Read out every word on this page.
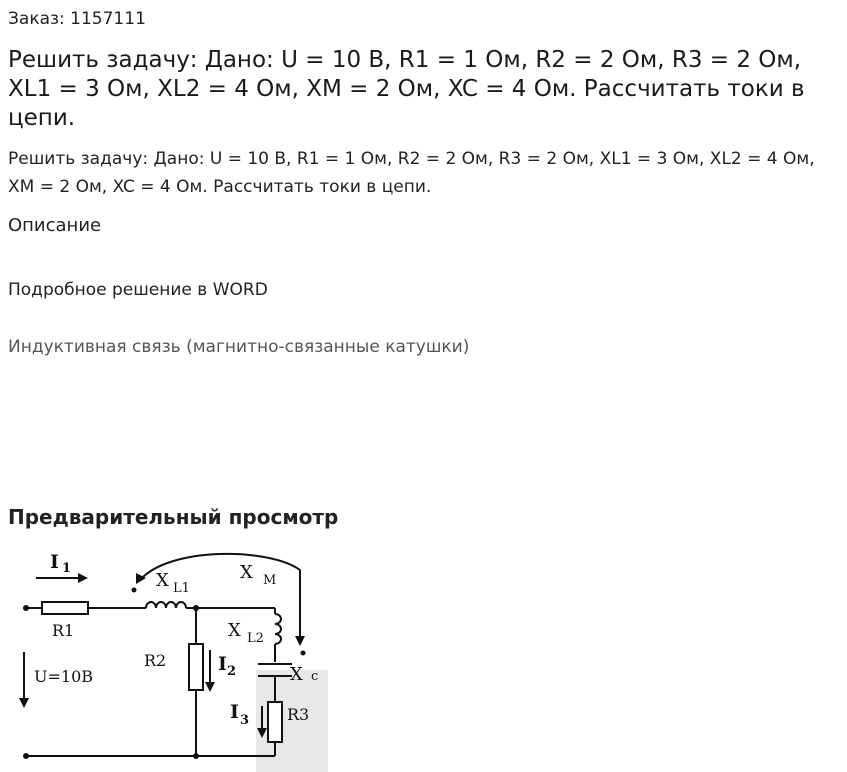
Заказ: 1157111
Решить задачу: Дано: U = 10 В, R1 = 1 Ом, R2 = 2 Ом, R3 = 2 Ом, XL1 = 3 Ом, XL2 = 4 Ом, XM = 2 Ом, XC = 4 Ом. Рассчитать токи в цепи.

Решить задачу: Дано: U = 10 В, R1 = 1 Ом, R2 = 2 Ом, R3 = 2 Ом, XL1 = 3 Ом, XL2 = 4 Ом, XM = 2 Ом, XC = 4 Ом. Рассчитать токи в цепи.

Описание
Подробное решение в WORD
Индуктивная связь (магнитно-связанные катушки)
Предварительный просмотр
I 1
X L1
X M
R1	X L2
R2	I 2	X c
U=10B
I 3 R3
